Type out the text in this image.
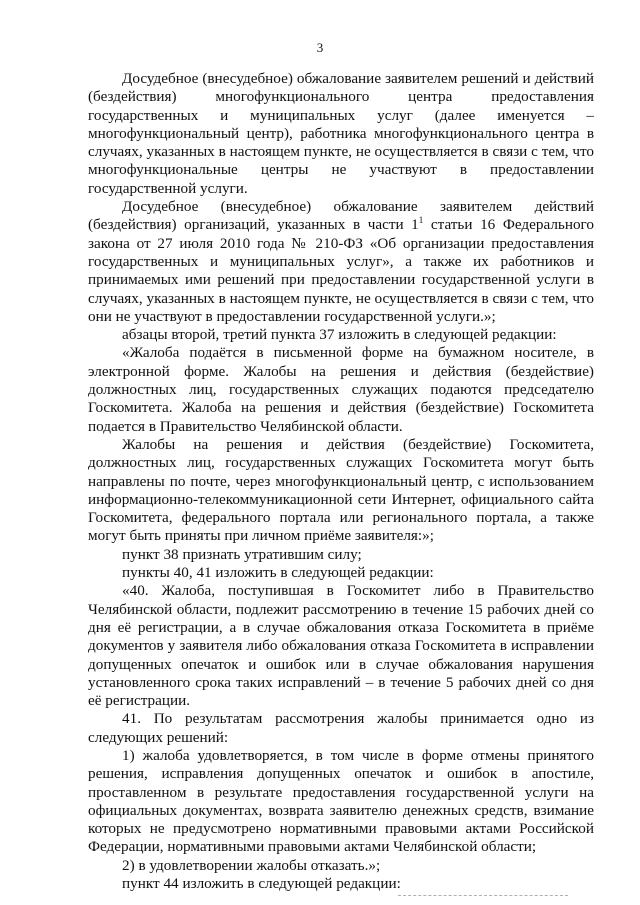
3

Досудебное (внесудебное) обжалование заявителем решений и действий (бездействия) многофункционального центра предоставления государственных и муниципальных услуг (далее именуется – многофункциональный центр), работника многофункционального центра в случаях, указанных в настоящем пункте, не осуществляется в связи с тем, что многофункциональные центры не участвуют в предоставлении государственной услуги.

Досудебное (внесудебное) обжалование заявителем действий (бездействия) организаций, указанных в части $1^1$ статьи 16 Федерального закона от 27 июля 2010 года № 210-ФЗ «Об организации предоставления государственных и муниципальных услуг», а также их работников и принимаемых ими решений при предоставлении государственной услуги в случаях, указанных в настоящем пункте, не осуществляется в связи с тем, что они не участвуют в предоставлении государственной услуги.»;

абзацы второй, третий пункта 37 изложить в следующей редакции:

«Жалоба подаётся в письменной форме на бумажном носителе, в электронной форме. Жалобы на решения и действия (бездействие) должностных лиц, государственных служащих подаются председателю Госкомитета. Жалоба на решения и действия (бездействие) Госкомитета подается в Правительство Челябинской области.

Жалобы на решения и действия (бездействие) Госкомитета, должностных лиц, государственных служащих Госкомитета могут быть направлены по почте, через многофункциональный центр, с использованием информационно-телекоммуникационной сети Интернет, официального сайта Госкомитета, федерального портала или регионального портала, а также могут быть приняты при личном приёме заявителя:»;

пункт 38 признать утратившим силу;

пункты 40, 41 изложить в следующей редакции:

«40. Жалоба, поступившая в Госкомитет либо в Правительство Челябинской области, подлежит рассмотрению в течение 15 рабочих дней со дня её регистрации, а в случае обжалования отказа Госкомитета в приёме документов у заявителя либо обжалования отказа Госкомитета в исправлении допущенных опечаток и ошибок или в случае обжалования нарушения установленного срока таких исправлений – в течение 5 рабочих дней со дня её регистрации.

41. По результатам рассмотрения жалобы принимается одно из следующих решений:

1) жалоба удовлетворяется, в том числе в форме отмены принятого решения, исправления допущенных опечаток и ошибок в апостиле, проставленном в результате предоставления государственной услуги на официальных документах, возврата заявителю денежных средств, взимание которых не предусмотрено нормативными правовыми актами Российской Федерации, нормативными правовыми актами Челябинской области;

2) в удовлетворении жалобы отказать.»;

пункт 44 изложить в следующей редакции:
